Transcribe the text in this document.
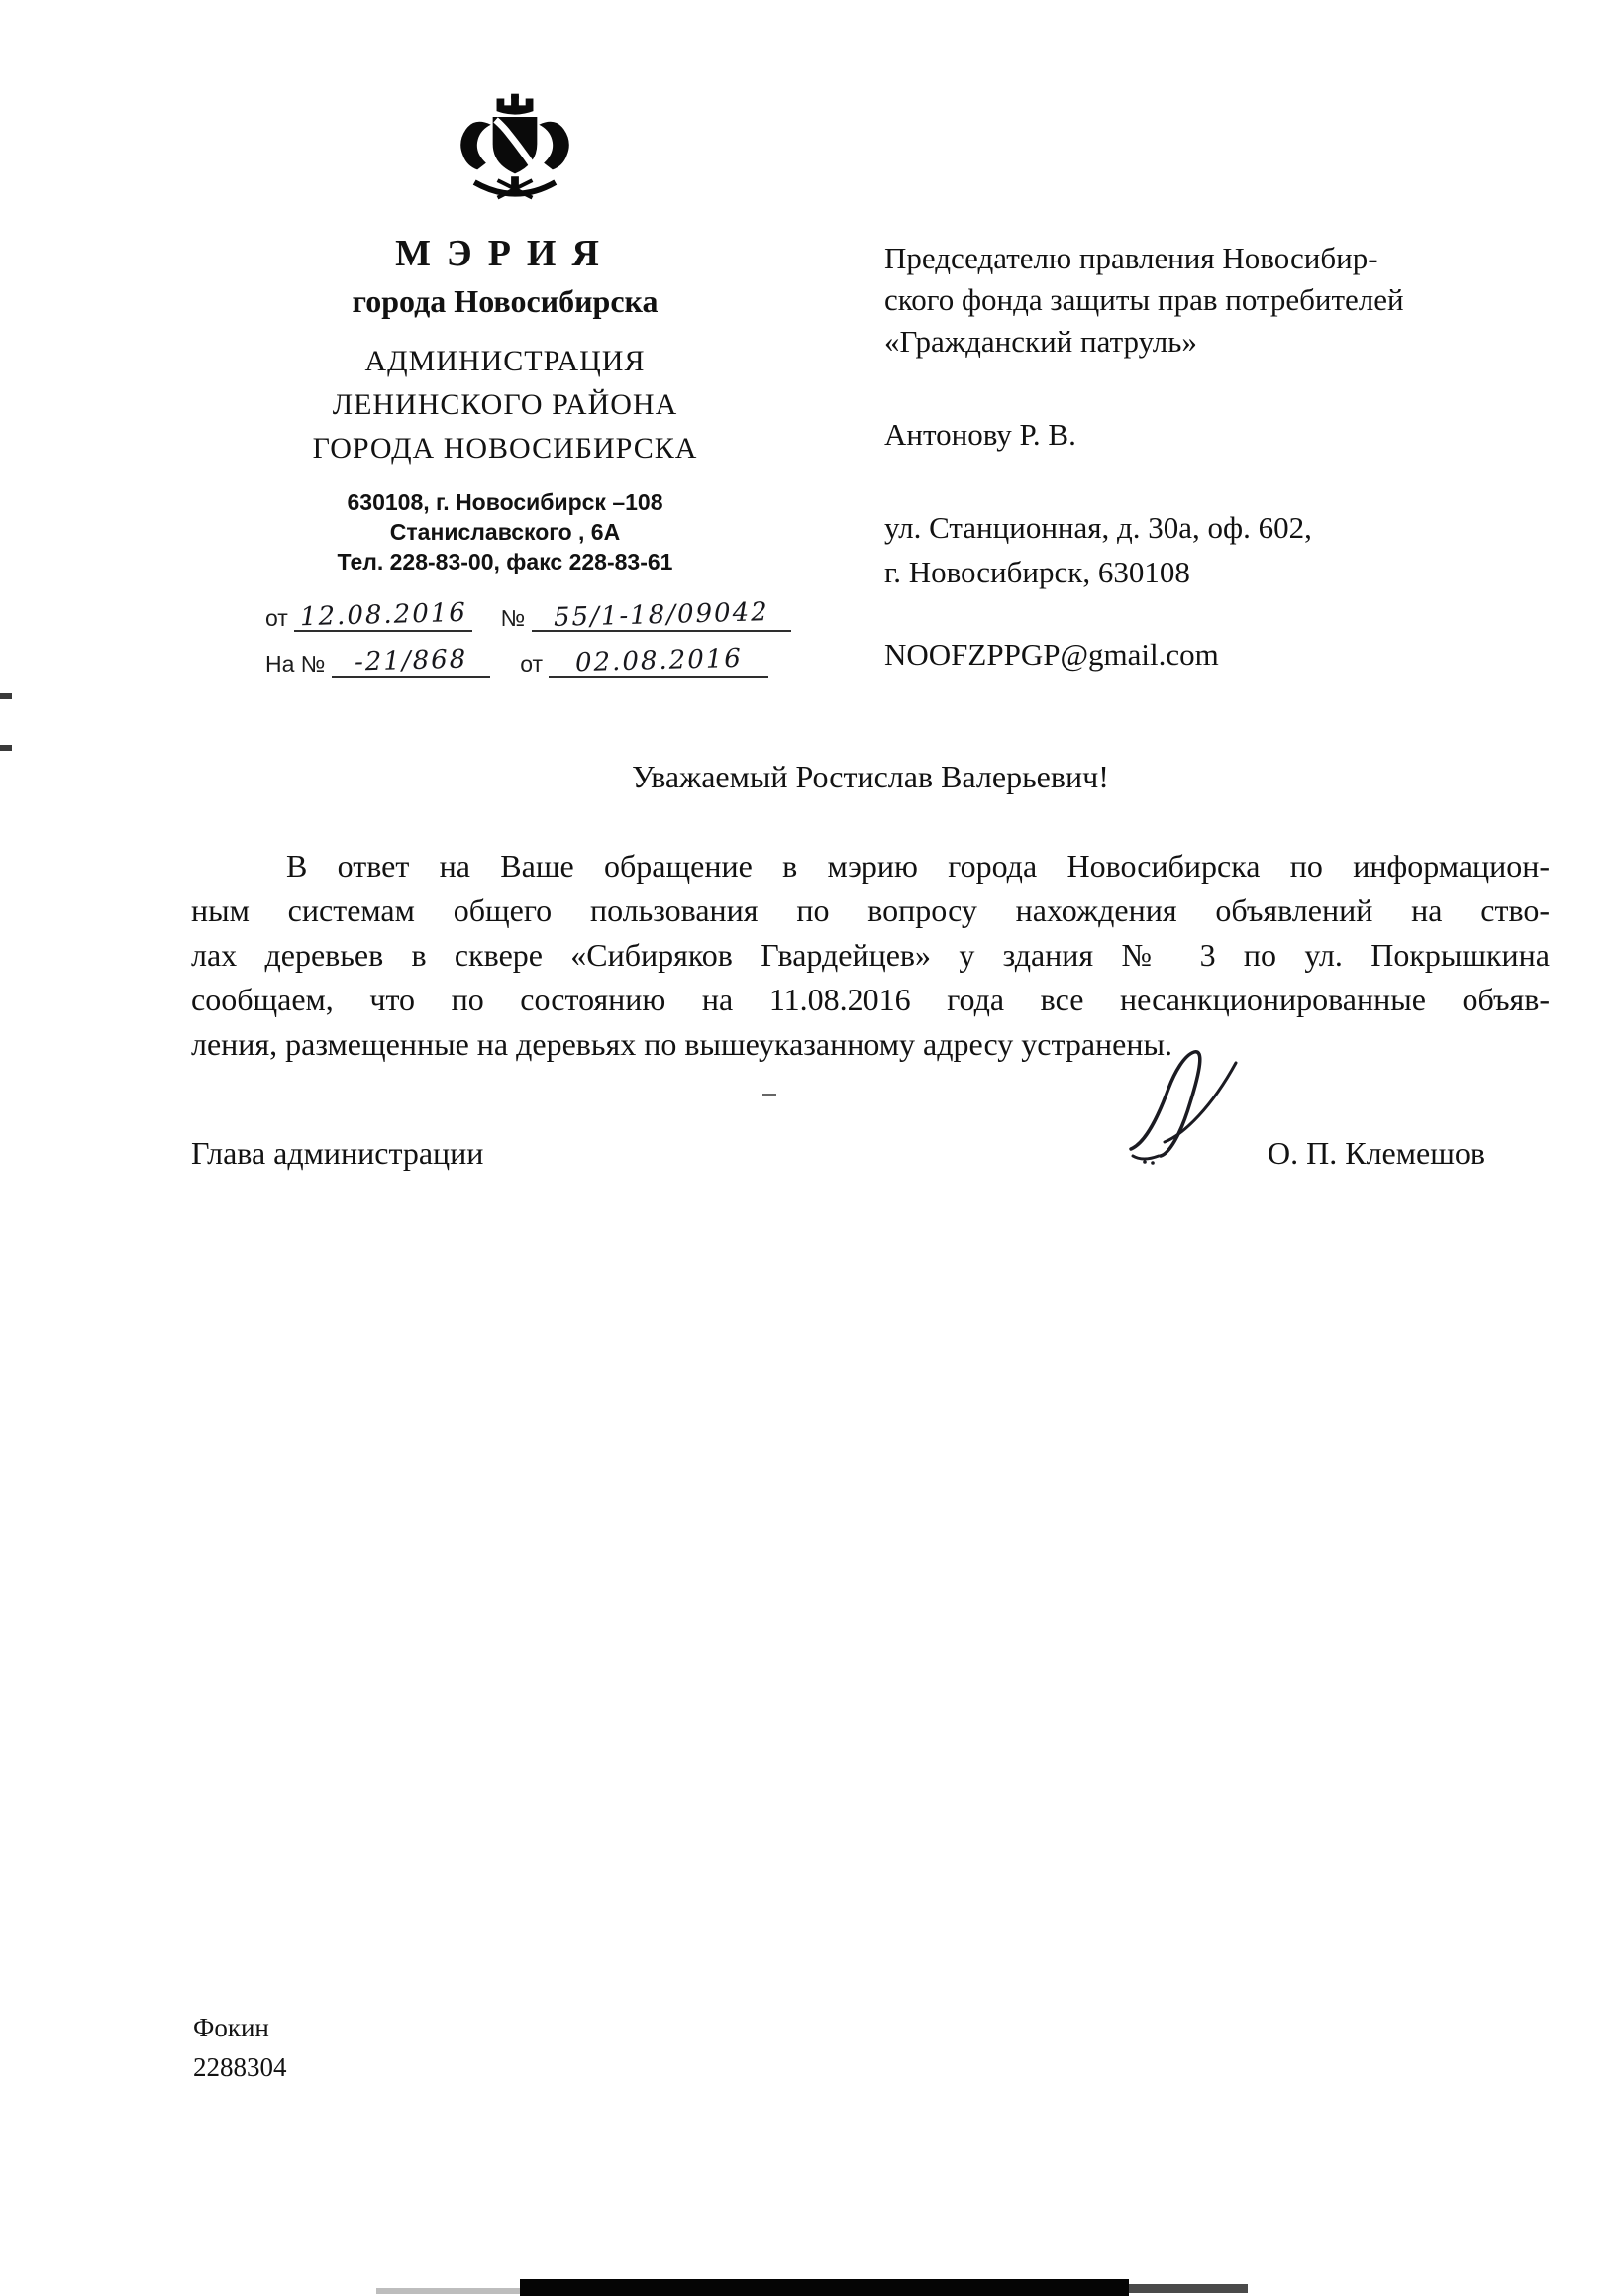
МЭРИЯ
города Новосибирска
АДМИНИСТРАЦИЯ
ЛЕНИНСКОГО РАЙОНА
ГОРОДА НОВОСИБИРСКА
630108, г. Новосибирск –108
Станиславского , 6А
Тел. 228-83-00, факс 228-83-61
от 12.08.2016 № 55/1-18/09042
На № -21/868 от 02.08.2016
Председателю правления Новосибир-
ского фонда защиты прав потребителей
«Гражданский патруль»
Антонову Р. В.
ул. Станционная, д. 30а, оф. 602,
г. Новосибирск, 630108
NOOFZPPGP@gmail.com
Уважаемый Ростислав Валерьевич!
В ответ на Ваше обращение в мэрию города Новосибирска по информацион-
ным системам общего пользования по вопросу нахождения объявлений на ство-
лах деревьев в сквере «Сибиряков Гвардейцев» у здания № 3 по ул. Покрышкина
сообщаем, что по состоянию на 11.08.2016 года все несанкционированные объяв-
ления, размещенные на деревьях по вышеуказанному адресу устранены.
Глава администрации	О. П. Клемешов
Фокин
2288304
